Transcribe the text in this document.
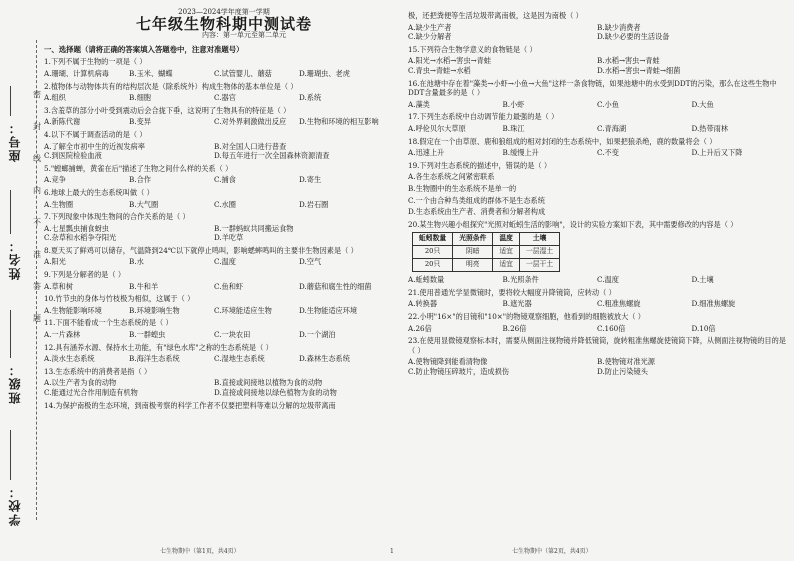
座号：
姓名：
班级：
学校：
密
封
线
内
不
准
答
题
2023—2024学年度第一学期
七年级生物科期中测试卷
内容：第一单元至第二单元
一、选择题（请将正确的答案填入答题卷中，注意对准题号）
1.下列不属于生物的一项是（ ）
A.珊瑚、计算机病毒	B.玉米、蝴蝶	C.试管婴儿、蘑菇	D.珊瑚虫、老虎
2.植物体与动物体共有的结构层次是（除系统外）构成生物体的基本单位是（ ）
A.组织	B.细胞	C.器官	D.系统
3.含羞草的部分小叶受到震动后会合拢下垂，这说明了生物具有的特征是（ ）
A.新陈代谢	B.变异	C.对外界刺激做出反应	D.生物和环境的相互影响
4.以下不属于调查活动的是（ ）
A.了解全市初中生的近视发病率	B.对全国人口进行普查
C.到医院检验血液	D.每五年进行一次全国森林资源清查
5."螳螂捕蝉，黄雀在后"描述了生物之间什么样的关系（ ）
A.竞争	B.合作	C.捕食	D.寄生
6.地球上最大的生态系统叫做（ ）
A.生物圈	B.大气圈	C.水圈	D.岩石圈
7.下列现象中体现生物间的合作关系的是（ ）
A.七星瓢虫捕食蚜虫	B.一群蚂蚁共同搬运食物
C.杂草和水稻争夺阳光	D.羊吃草
8.夏天买了鲜鸡可以储存，气温降到24℃以下就停止鸣叫，影响蟋蟀鸣叫的主要非生物因素是（ ）
A.阳光	B.水	C.温度	D.空气
9.下列是分解者的是（ ）
A.草和树	B.牛和羊	C.鱼和虾	D.蘑菇和腐生性的细菌
10.竹节虫的身体与竹枝极为相似，这属于（ ）
A.生物能影响环境	B.环境影响生物	C.环境能适应生物	D.生物能适应环境
11.下面不能看成一个生态系统的是（ ）
A.一片森林	B.一群蝗虫	C.一块农田	D.一个湖泊
12.具有涵养水源、保持水土功能，有"绿色水库"之称的生态系统是（ ）
A.淡水生态系统	B.海洋生态系统	C.湿地生态系统	D.森林生态系统
13.生态系统中的消费者是指（ ）
A.以生产者为食的动物	B.直接或间接地以植物为食的动物
C.能通过光合作用制造有机物	D.直接或间接地以绿色植物为食的动物
14.为保护南极的生态环境，到南极考察的科学工作者不仅要把塑料等难以分解的垃圾带离南
极，还把粪便等生活垃圾带离南极，这是因为南极（ ）
A.缺少生产者	B.缺少消费者
C.缺少分解者	D.缺少必要的生活设备
15.下列符合生物学意义的食物链是（ ）
A.阳光→水稻→害虫→青蛙	B.水稻→害虫→青蛙
C.青虫→青蛙→水稻	D.水稻→害虫→青蛙→细菌
16.在池塘中存在着"藻类→小虾→小鱼→大鱼"这样一条食物链，如果池塘中的水受到DDT的污染，那么在这些生物中DDT含量最多的是（ ）
A.藻类	B.小虾	C.小鱼	D.大鱼
17.下列生态系统中自动调节能力最强的是（ ）
A.呼伦贝尔大草原	B.珠江	C.青海湖	D.热带雨林
18.假定在一个由草原、鹿和狼组成的相对封闭的生态系统中，如果把狼杀绝，鹿的数量将会（ ）
A.迅速上升	B.缓慢上升	C.不变	D.上升后又下降
19.下列对生态系统的描述中，错误的是（ ）
A.各生态系统之间紧密联系
B.生物圈中的生态系统不是单一的
C.一个由合种鸟类组成的群体不是生态系统
D.生态系统由生产者、消费者和分解者构成
20.某生物兴趣小组探究"光照对蚯蚓生活的影响"，设计的实验方案如下表，其中需要修改的内容是（ ）
蚯蚓数量	光照条件	温度	土壤
20只	阴暗	适宜	一层湿土
20只	明亮	适宜	一层干土
A.蚯蚓数量	B.光照条件	C.温度	D.土壤
21.使用普通光学显微镜时，要将较大幅度升降镜筒，应转动（ ）
A.转换器	B.遮光器	C.粗准焦螺旋	D.细准焦螺旋
22.小明"16×"的目镜和"10×"的物镜观察细胞，他看到的细胞被放大（ ）
A.26倍	B.26倍	C.160倍	D.10倍
23.在使用显微镜观察标本时，需要从侧面注视物镜并降低镜筒，旋转粗准焦螺旋使镜筒下降，从侧面注视物镜的目的是（ ）
A.使物镜降到能看清物像	B.使物镜对准光源
C.防止物镜压碎玻片，造成损伤	D.防止污染镜头
七生物期中（第1页，共4页）	1	七生物期中（第2页，共4页）
